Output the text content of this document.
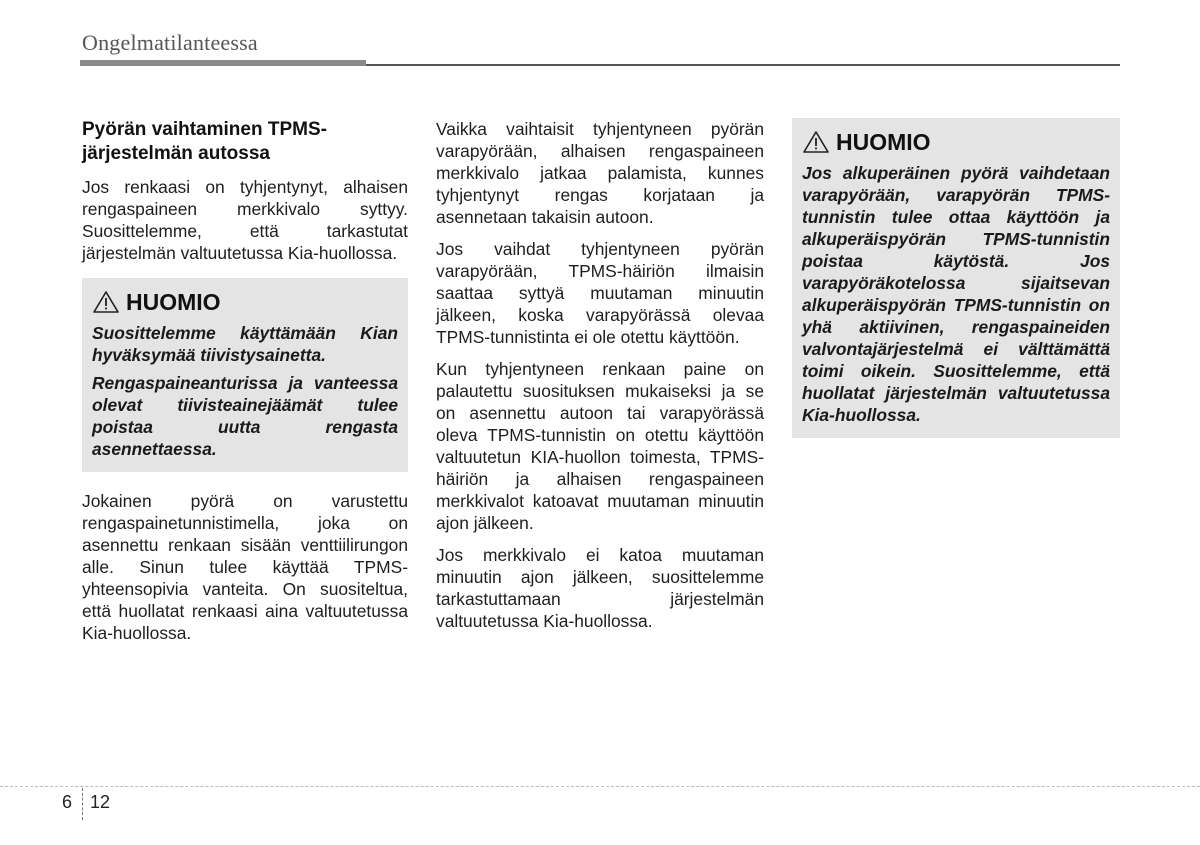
Ongelmatilanteessa
Pyörän vaihtaminen TPMS-järjestelmän autossa

Jos renkaasi on tyhjentynyt, alhaisen rengaspaineen merkkivalo syttyy. Suosittelemme, että tarkastutat järjestelmän valtuutetussa Kia-huollossa.

HUOMIO

Suosittelemme käyttämään Kian hyväksymää tiivistysainetta.

Rengaspaineanturissa ja vanteessa olevat tiivisteainejäämät tulee poistaa uutta rengasta asennettaessa.

Jokainen pyörä on varustettu rengaspainetunnistimella, joka on asennettu renkaan sisään venttiilirungon alle. Sinun tulee käyttää TPMS-yhteensopivia vanteita. On suositeltua, että huollatat renkaasi aina valtuutetussa Kia-huollossa.

Vaikka vaihtaisit tyhjentyneen pyörän varapyörään, alhaisen rengaspaineen merkkivalo jatkaa palamista, kunnes tyhjentynyt rengas korjataan ja asennetaan takaisin autoon.

Jos vaihdat tyhjentyneen pyörän varapyörään, TPMS-häiriön ilmaisin saattaa syttyä muutaman minuutin jälkeen, koska varapyörässä olevaa TPMS-tunnistinta ei ole otettu käyttöön.

Kun tyhjentyneen renkaan paine on palautettu suosituksen mukaiseksi ja se on asennettu autoon tai varapyörässä oleva TPMS-tunnistin on otettu käyttöön valtuutetun KIA-huollon toimesta, TPMS-häiriön ja alhaisen rengaspaineen merkkivalot katoavat muutaman minuutin ajon jälkeen.

Jos merkkivalo ei katoa muutaman minuutin ajon jälkeen, suosittelemme tarkastuttamaan järjestelmän valtuutetussa Kia-huollossa.

HUOMIO

Jos alkuperäinen pyörä vaihdetaan varapyörään, varapyörän TPMS-tunnistin tulee ottaa käyttöön ja alkuperäispyörän TPMS-tunnistin poistaa käytöstä. Jos varapyöräkotelossa sijaitsevan alkuperäispyörän TPMS-tunnistin on yhä aktiivinen, rengaspaineiden valvontajärjestelmä ei välttämättä toimi oikein. Suosittelemme, että huollatat järjestelmän valtuutetussa Kia-huollossa.

6 12
